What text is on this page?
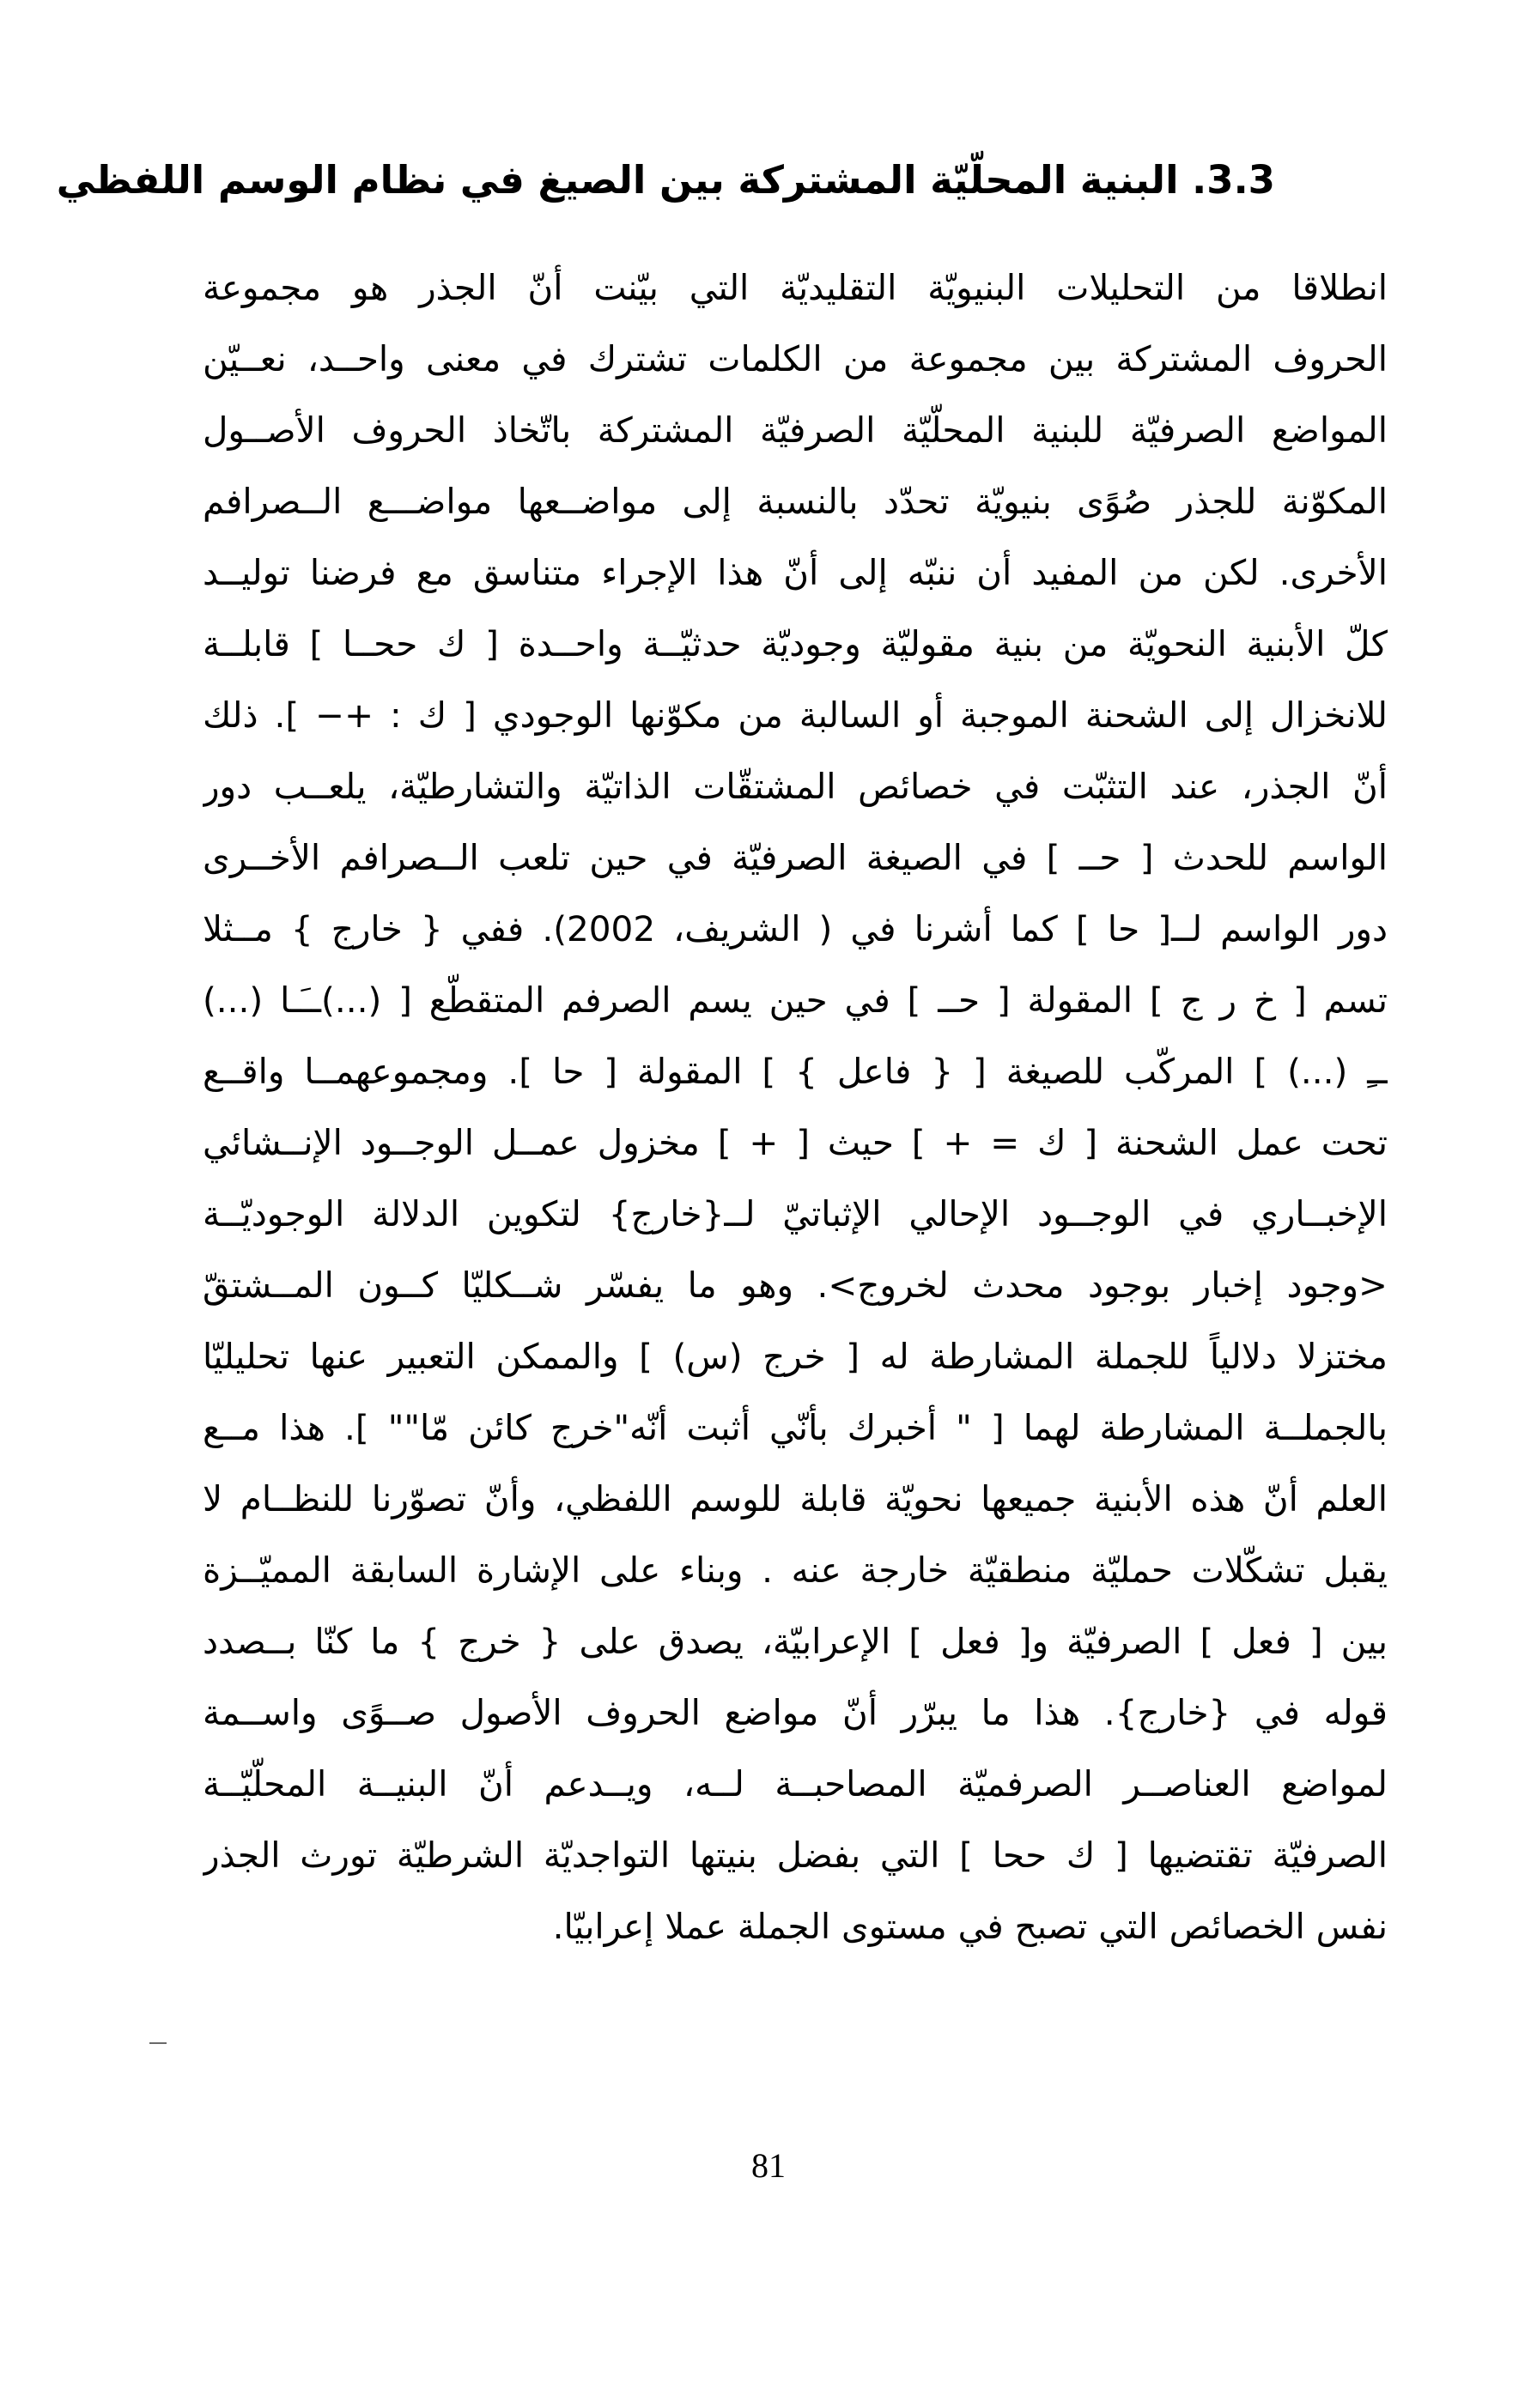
3.3. البنية المحلّيّة المشتركة بين الصيغ في نظام الوسم اللفظي
انطلاقا من التحليلات البنيويّة التقليديّة التي بيّنت أنّ الجذر هو مجموعة
الحروف المشتركة بين مجموعة من الكلمات تشترك في معنى واحــد، نعــيّن
المواضع الصرفيّة للبنية المحلّيّة الصرفيّة المشتركة باتّخاذ الحروف الأصــول
المكوّنة للجذر صُوًى بنيويّة تحدّد بالنسبة إلى مواضــعها مواضـــع الــصرافم
الأخرى. لكن من المفيد أن ننبّه إلى أنّ هذا الإجراء متناسق مع فرضنا توليــد
كلّ الأبنية النحويّة من بنية مقوليّة وجوديّة حدثيّــة واحــدة [ ك ححــا ] قابلــة
للانخزال إلى الشحنة الموجبة أو السالبة من مكوّنها الوجودي [ ك : +− ]. ذلك
أنّ الجذر، عند التثبّت في خصائص المشتقّات الذاتيّة والتشارطيّة، يلعــب دور
الواسم للحدث [ حــ ] في الصيغة الصرفيّة في حين تلعب الــصرافم الأخــرى
دور الواسم لــ[ حا ] كما أشرنا في ( الشريف، 2002). ففي { خارج } مــثلا
تسم [ خ ر ج ] المقولة [ حــ ] في حين يسم الصرفم المتقطّع [ (...)ــَـا (...)
ــِ (...) ] المركّب للصيغة [ { فاعل } ] المقولة [ حا ]. ومجموعهمــا واقــع
تحت عمل الشحنة [ ك = + ] حيث [ + ] مخزول عمــل الوجــود الإنــشائي
الإخبــاري في الوجــود الإحالي الإثباتيّ لــ{خارج} لتكوين الدلالة الوجوديّــة
<وجود إخبار بوجود محدث لخروج>. وهو ما يفسّر شــكليّا كــون المــشتقّ
مختزلا دلالياً للجملة المشارطة له [ خرج (س) ] والممكن التعبير عنها تحليليّا
بالجملــة المشارطة لهما [ " أخبرك بأنّي أثبت أنّه"خرج كائن مّا"" ]. هذا مــع
العلم أنّ هذه الأبنية جميعها نحويّة قابلة للوسم اللفظي، وأنّ تصوّرنا للنظــام لا
يقبل تشكّلات حمليّة منطقيّة خارجة عنه . وبناء على الإشارة السابقة المميّــزة
بين [ فعل ] الصرفيّة و[ فعل ] الإعرابيّة، يصدق على { خرج } ما كنّا بــصدد
قوله في {خارج}. هذا ما يبرّر أنّ مواضع الحروف الأصول صــوًى واســمة
لمواضع العناصــر الصرفميّة المصاحبــة لــه، ويــدعم أنّ البنيــة المحلّيّــة
الصرفيّة تقتضيها [ ك ححا ] التي بفضل بنيتها التواجديّة الشرطيّة تورث الجذر
نفس الخصائص التي تصبح في مستوى الجملة عملا إعرابيّا.
81
